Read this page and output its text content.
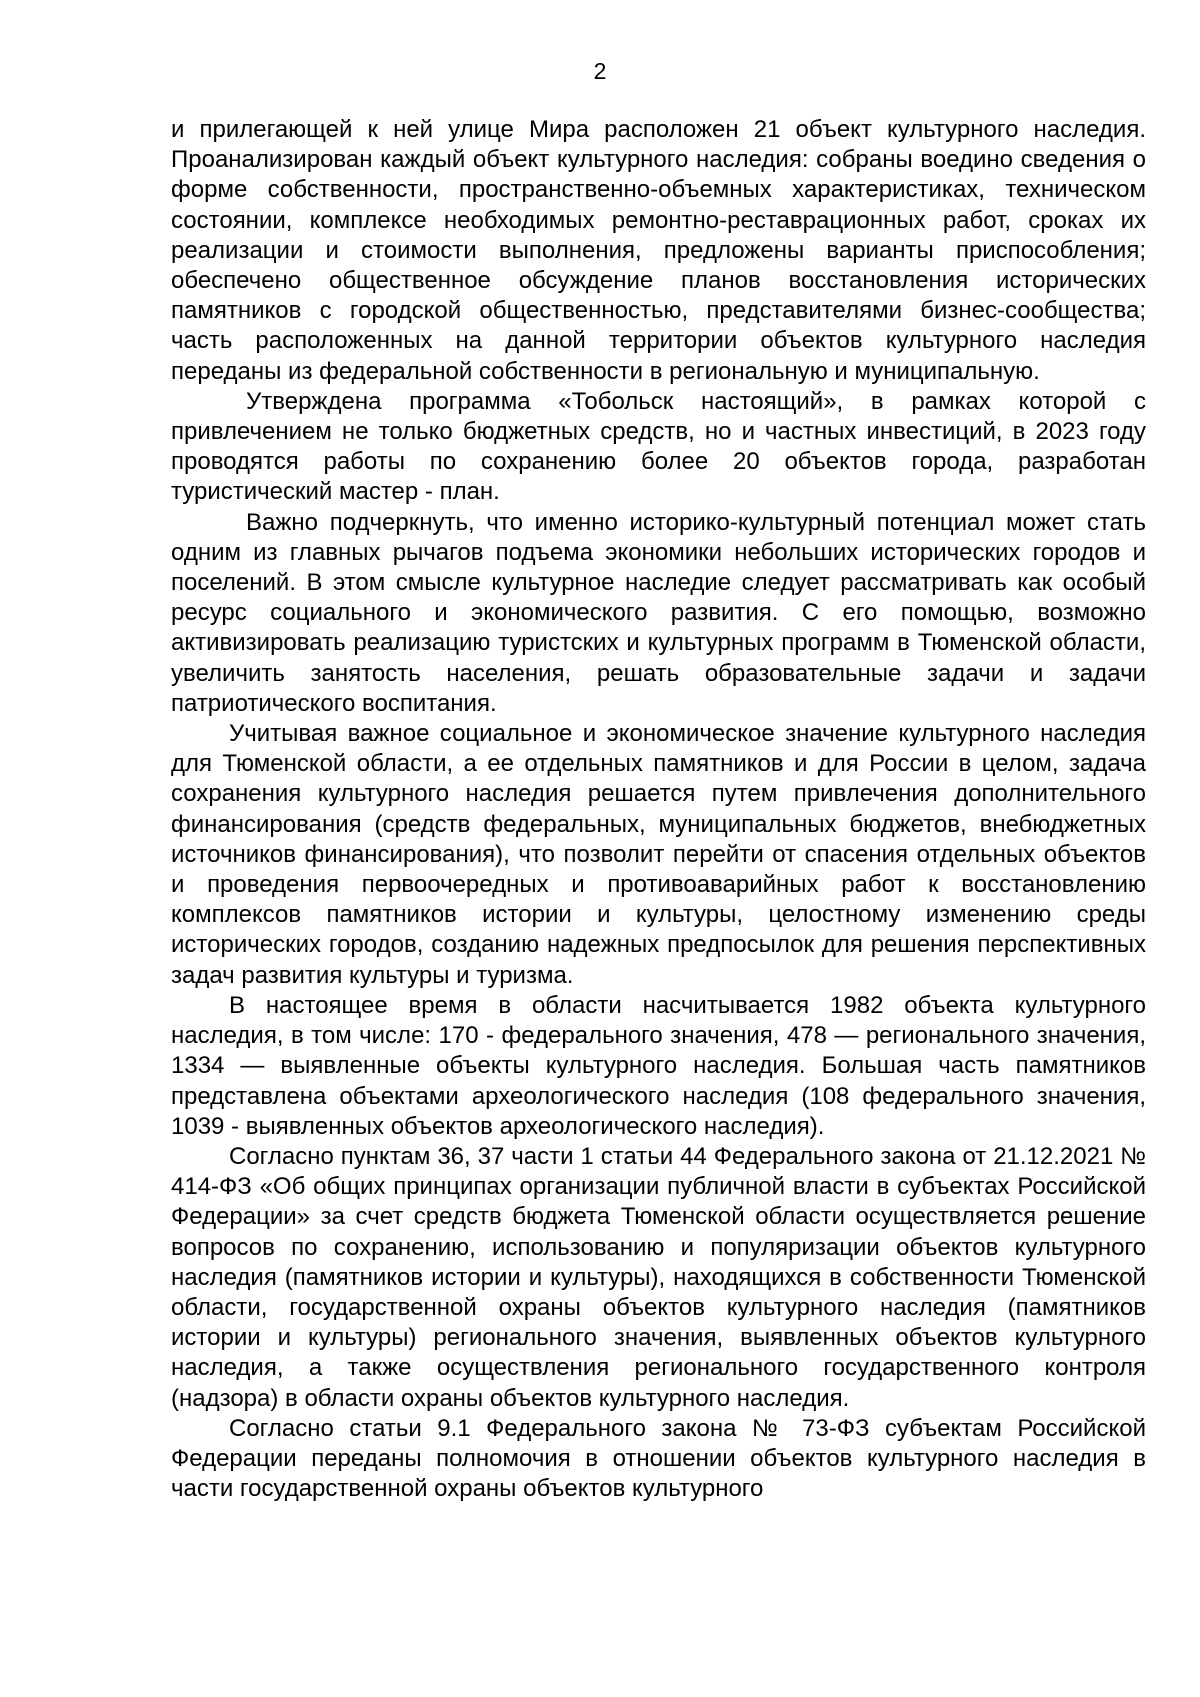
2

и прилегающей к ней улице Мира расположен 21 объект культурного наследия. Проанализирован каждый объект культурного наследия: собраны воедино сведения о форме собственности, пространственно-объемных характеристиках, техническом состоянии, комплексе необходимых ремонтно-реставрационных работ, сроках их реализации и стоимости выполнения, предложены варианты приспособления; обеспечено общественное обсуждение планов восстановления исторических памятников с городской общественностью, представителями бизнес-сообщества; часть расположенных на данной территории объектов культурного наследия переданы из федеральной собственности в региональную и муниципальную.

Утверждена программа «Тобольск настоящий», в рамках которой с привлечением не только бюджетных средств, но и частных инвестиций, в 2023 году проводятся работы по сохранению более 20 объектов города, разработан туристический мастер - план.

Важно подчеркнуть, что именно историко-культурный потенциал может стать одним из главных рычагов подъема экономики небольших исторических городов и поселений. В этом смысле культурное наследие следует рассматривать как особый ресурс социального и экономического развития. С его помощью, возможно активизировать реализацию туристских и культурных программ в Тюменской области, увеличить занятость населения, решать образовательные задачи и задачи патриотического воспитания.

Учитывая важное социальное и экономическое значение культурного наследия для Тюменской области, а ее отдельных памятников и для России в целом, задача сохранения культурного наследия решается путем привлечения дополнительного финансирования (средств федеральных, муниципальных бюджетов, внебюджетных источников финансирования), что позволит перейти от спасения отдельных объектов и проведения первоочередных и противоаварийных работ к восстановлению комплексов памятников истории и культуры, целостному изменению среды исторических городов, созданию надежных предпосылок для решения перспективных задач развития культуры и туризма.

В настоящее время в области насчитывается 1982 объекта культурного наследия, в том числе: 170 - федерального значения, 478 — регионального значения, 1334 — выявленные объекты культурного наследия. Большая часть памятников представлена объектами археологического наследия (108 федерального значения, 1039 - выявленных объектов археологического наследия).

Согласно пунктам 36, 37 части 1 статьи 44 Федерального закона от 21.12.2021 № 414-ФЗ «Об общих принципах организации публичной власти в субъектах Российской Федерации» за счет средств бюджета Тюменской области осуществляется решение вопросов по сохранению, использованию и популяризации объектов культурного наследия (памятников истории и культуры), находящихся в собственности Тюменской области, государственной охраны объектов культурного наследия (памятников истории и культуры) регионального значения, выявленных объектов культурного наследия, а также осуществления регионального государственного контроля (надзора) в области охраны объектов культурного наследия.

Согласно статьи 9.1 Федерального закона № 73-ФЗ субъектам Российской Федерации переданы полномочия в отношении объектов культурного наследия в части государственной охраны объектов культурного
